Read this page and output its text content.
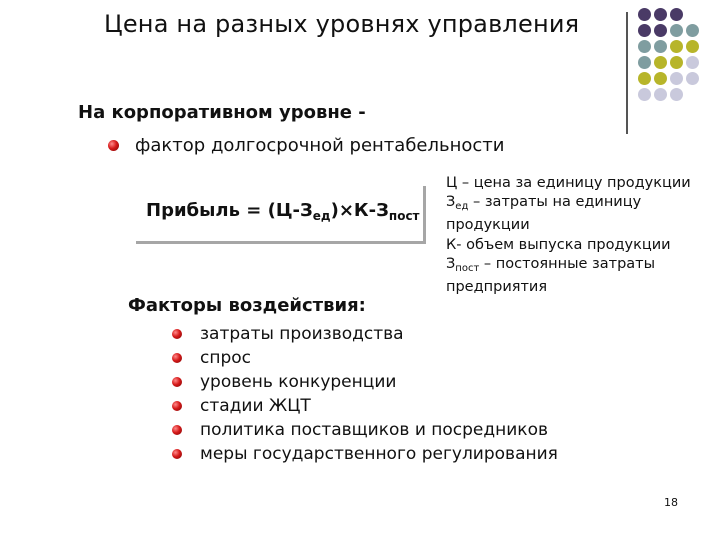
Цена на разных уровнях управления
На корпоративном уровне -
фактор долгосрочной рентабельности
Прибыль = $(Ц-З_{ед})\times К-З_{пост}$
Ц – цена за единицу продукции
$З_{ед}$ – затраты на единицу
продукции
К- объем выпуска продукции
$З_{пост}$ – постоянные затраты
предприятия
Факторы воздействия:
затраты производства
спрос
уровень конкуренции
стадии ЖЦТ
политика поставщиков и посредников
меры государственного регулирования
18
